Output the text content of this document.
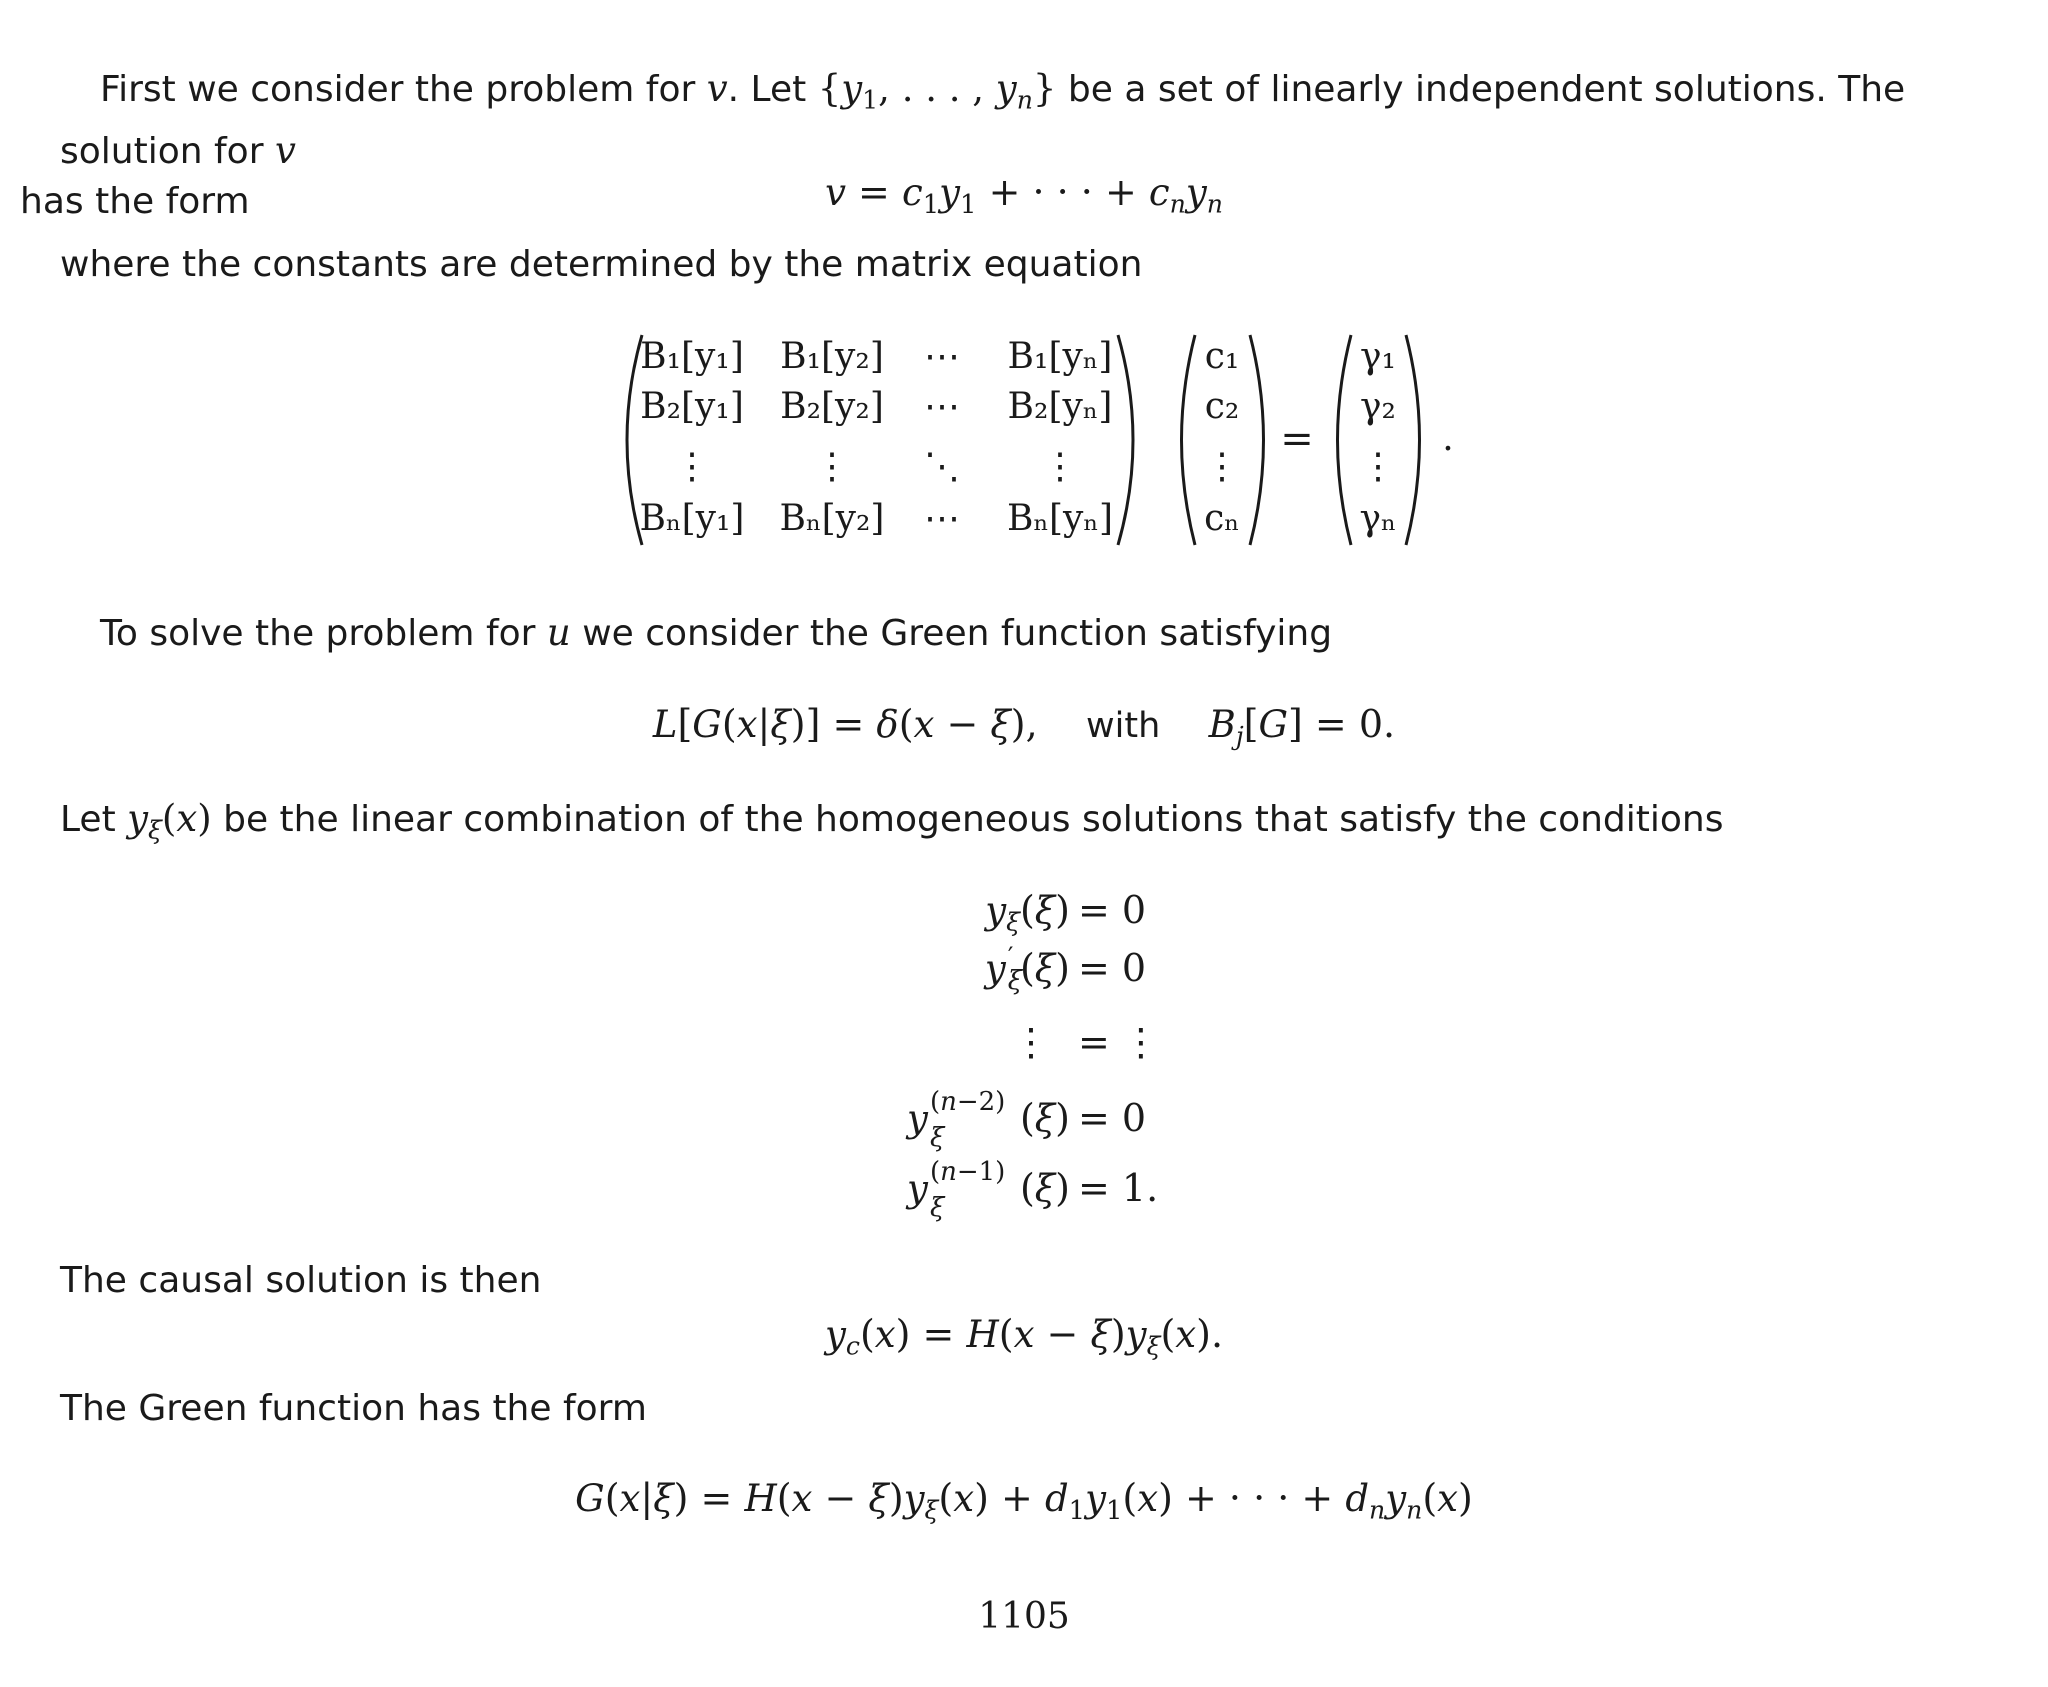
First we consider the problem for v. Let {$y_1$, . . . , $y_n$} be a set of linearly independent solutions. The solution for v
has the form	$v = c_1y_1$ + · · · + $c_ny_n$
where the constants are determined by the matrix equation
B₁[y₁] B₁[y₂] ⋯ B₁[yₙ]
B₂[y₁] B₂[y₂] ⋯ B₂[yₙ]
⋮	⋮ ⋱ ⋮
Bₙ[y₁] Bₙ[y₂] ⋯ Bₙ[yₙ]
c₁
c₂
⋮
cₙ
=
γ₁
γ₂
⋮
γₙ
.
To solve the problem for u we consider the Green function satisfying
L[G(x|ξ)] = δ(x − ξ),    with $B_j[G] = 0$.
Let $y_\xi(x)$ be the linear combination of the homogeneous solutions that satisfy the conditions
$y_\xi(\xi) = 0$
y ′
$_\xi$(ξ) = 0
⋮ = ⋮
y (n−2)
ξ (ξ) = 0
y (n−1)
ξ (ξ) = 1.
The causal solution is then
$y_c(x) = H(x - \xi)y_\xi(x)$.
The Green function has the form
$G(x|\xi) = H(x - \xi)y_\xi(x) + d_1y_1(x)$ + · · · + $d_ny_n(x)$
1105
